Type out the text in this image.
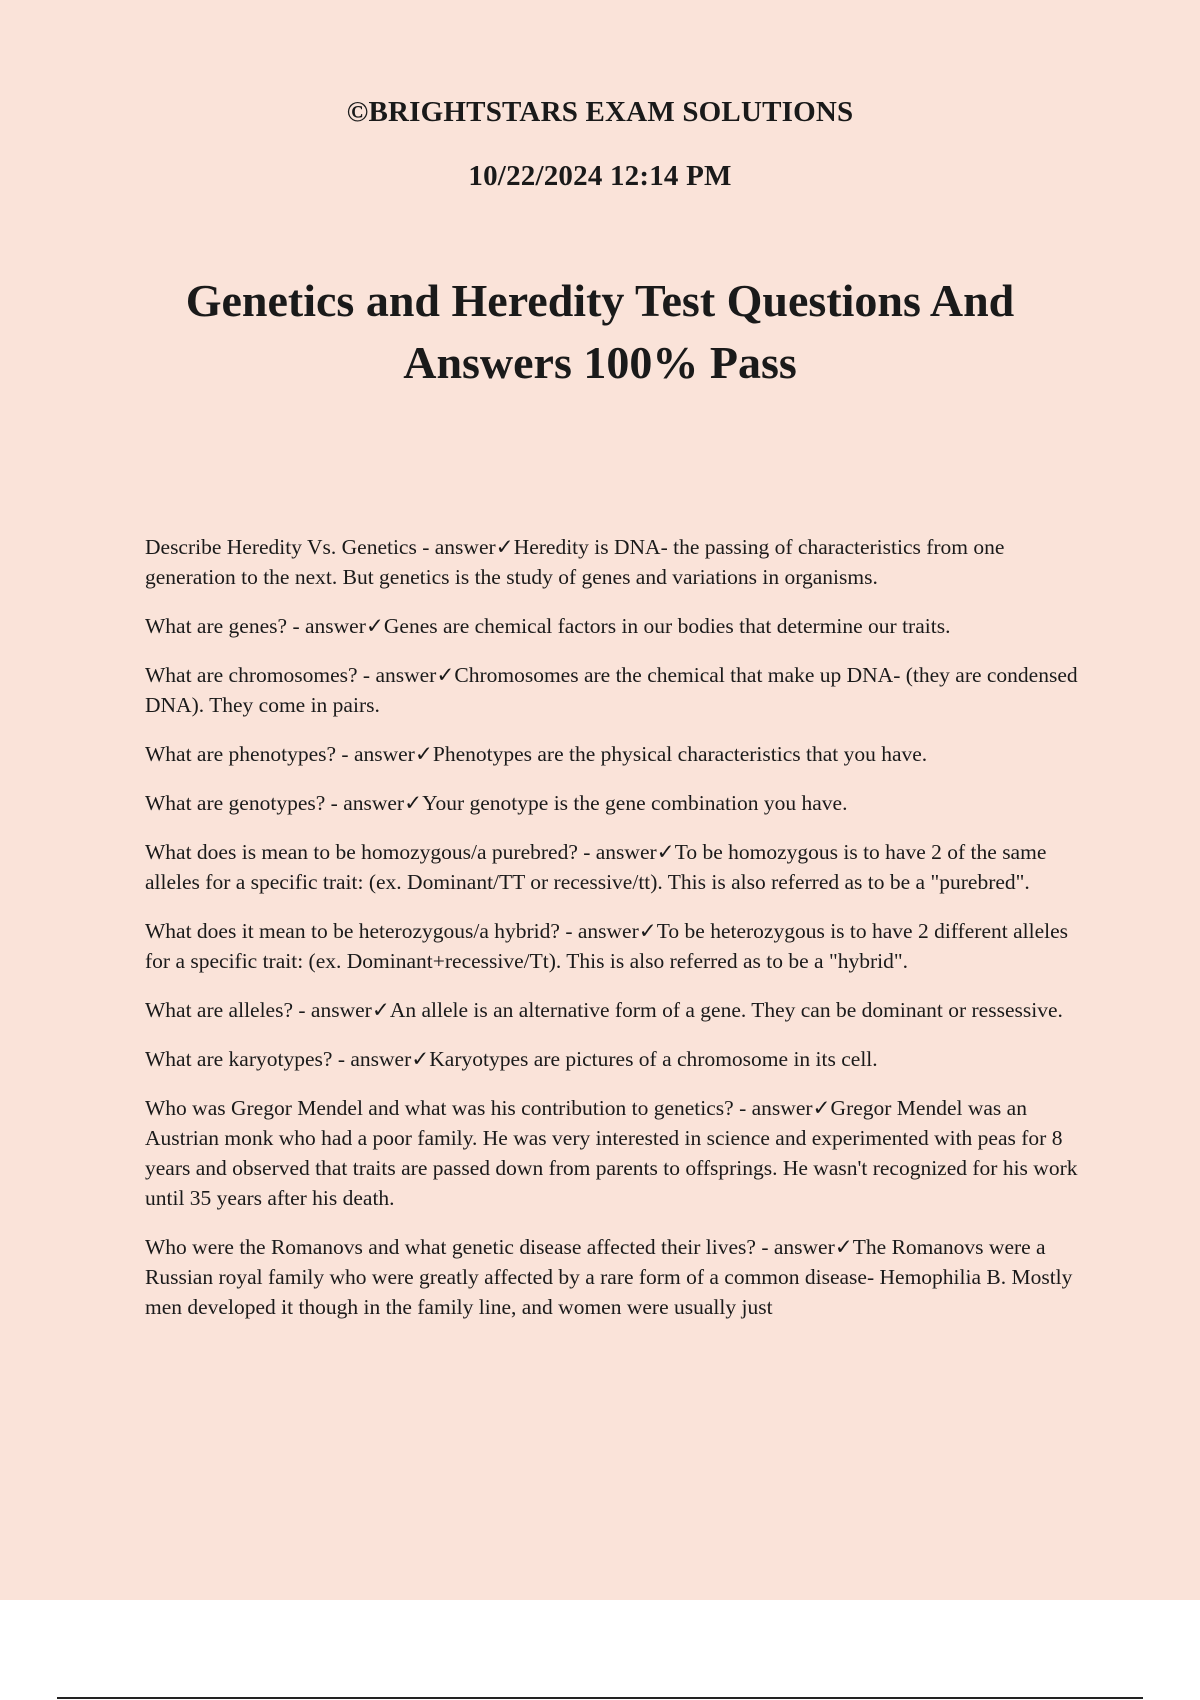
©BRIGHTSTARS EXAM SOLUTIONS

10/22/2024 12:14 PM

Genetics and Heredity Test Questions And Answers 100% Pass

Describe Heredity Vs. Genetics - answer✓Heredity is DNA- the passing of characteristics from one generation to the next. But genetics is the study of genes and variations in organisms.

What are genes? - answer✓Genes are chemical factors in our bodies that determine our traits.

What are chromosomes? - answer✓Chromosomes are the chemical that make up DNA- (they are condensed DNA). They come in pairs.

What are phenotypes? - answer✓Phenotypes are the physical characteristics that you have.

What are genotypes? - answer✓Your genotype is the gene combination you have.

What does is mean to be homozygous/a purebred? - answer✓To be homozygous is to have 2 of the same alleles for a specific trait: (ex. Dominant/TT or recessive/tt). This is also referred as to be a "purebred".

What does it mean to be heterozygous/a hybrid? - answer✓To be heterozygous is to have 2 different alleles for a specific trait: (ex. Dominant+recessive/Tt). This is also referred as to be a "hybrid".

What are alleles? - answer✓An allele is an alternative form of a gene. They can be dominant or ressessive.

What are karyotypes? - answer✓Karyotypes are pictures of a chromosome in its cell.

Who was Gregor Mendel and what was his contribution to genetics? - answer✓Gregor Mendel was an Austrian monk who had a poor family. He was very interested in science and experimented with peas for 8 years and observed that traits are passed down from parents to offsprings. He wasn't recognized for his work until 35 years after his death.

Who were the Romanovs and what genetic disease affected their lives? - answer✓The Romanovs were a Russian royal family who were greatly affected by a rare form of a common disease- Hemophilia B. Mostly men developed it though in the family line, and women were usually just
